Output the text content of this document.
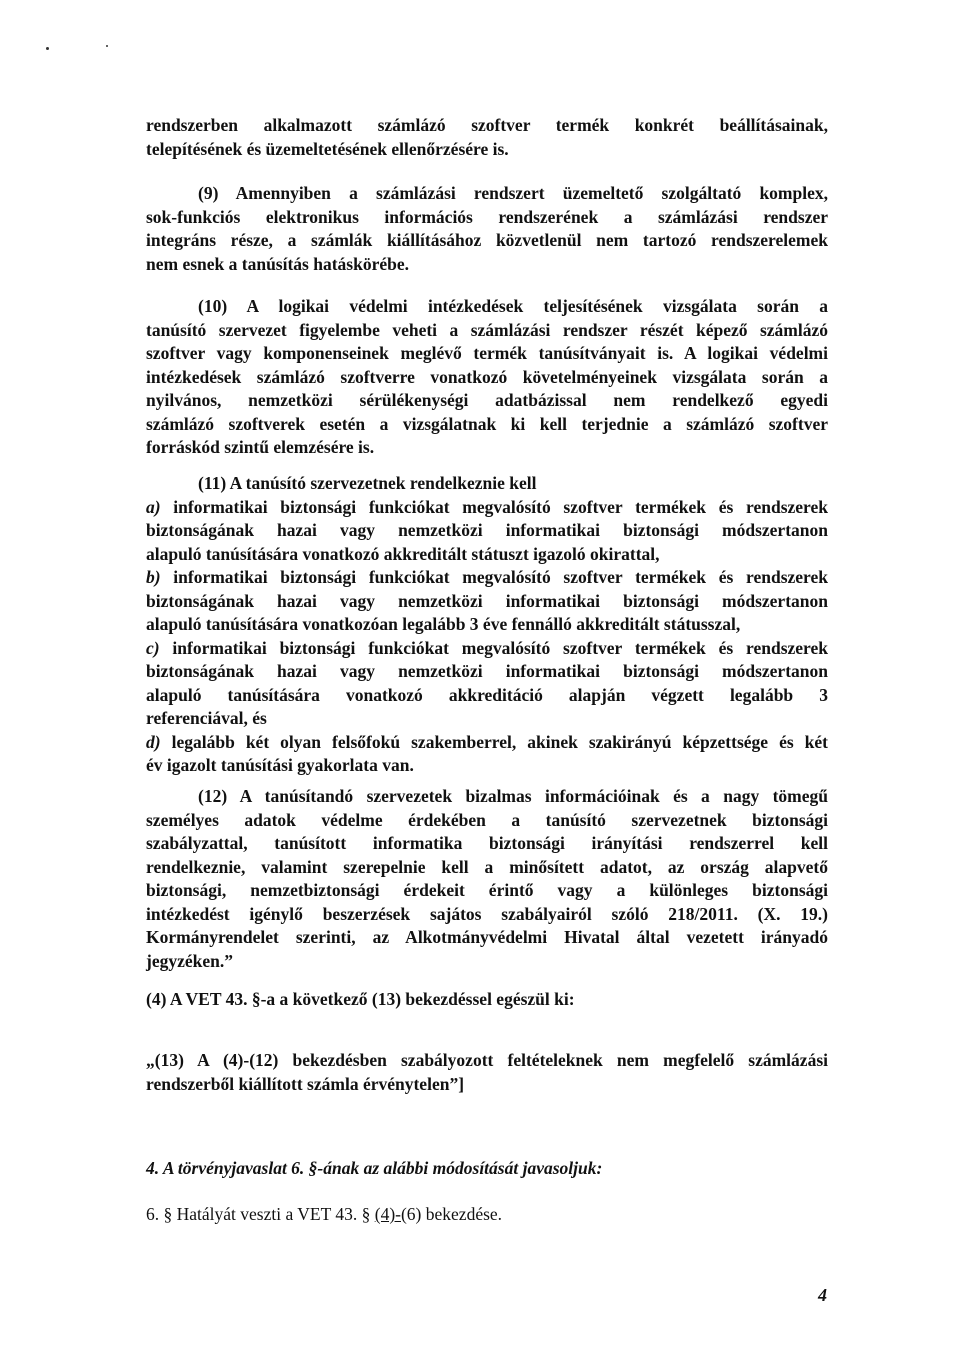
rendszerben alkalmazott számlázó szoftver termék konkrét beállításainak,
telepítésének és üzemeltetésének ellenőrzésére is.
(9) Amennyiben a számlázási rendszert üzemeltető szolgáltató komplex,
sok-funkciós elektronikus információs rendszerének a számlázási rendszer
integráns része, a számlák kiállításához közvetlenül nem tartozó rendszerelemek
nem esnek a tanúsítás hatáskörébe.
(10) A logikai védelmi intézkedések teljesítésének vizsgálata során a
tanúsító szervezet figyelembe veheti a számlázási rendszer részét képező számlázó
szoftver vagy komponenseinek meglévő termék tanúsítványait is. A logikai védelmi
intézkedések számlázó szoftverre vonatkozó követelményeinek vizsgálata során a
nyilvános, nemzetközi sérülékenységi adatbázissal nem rendelkező egyedi
számlázó szoftverek esetén a vizsgálatnak ki kell terjednie a számlázó szoftver
forráskód szintű elemzésére is.
(11) A tanúsító szervezetnek rendelkeznie kell
a) informatikai biztonsági funkciókat megvalósító szoftver termékek és rendszerek
biztonságának hazai vagy nemzetközi informatikai biztonsági módszertanon
alapuló tanúsítására vonatkozó akkreditált státuszt igazoló okirattal,
b) informatikai biztonsági funkciókat megvalósító szoftver termékek és rendszerek
biztonságának hazai vagy nemzetközi informatikai biztonsági módszertanon
alapuló tanúsítására vonatkozóan legalább 3 éve fennálló akkreditált státusszal,
c) informatikai biztonsági funkciókat megvalósító szoftver termékek és rendszerek
biztonságának hazai vagy nemzetközi informatikai biztonsági módszertanon
alapuló tanúsítására vonatkozó akkreditáció alapján végzett legalább 3
referenciával, és
d) legalább két olyan felsőfokú szakemberrel, akinek szakirányú képzettsége és két
év igazolt tanúsítási gyakorlata van.
(12) A tanúsítandó szervezetek bizalmas információinak és a nagy tömegű
személyes adatok védelme érdekében a tanúsító szervezetnek biztonsági
szabályzattal, tanúsított informatika biztonsági irányítási rendszerrel kell
rendelkeznie, valamint szerepelnie kell a minősített adatot, az ország alapvető
biztonsági, nemzetbiztonsági érdekeit érintő vagy a különleges biztonsági
intézkedést igénylő beszerzések sajátos szabályairól szóló 218/2011. (X. 19.)
Kormányrendelet szerinti, az Alkotmányvédelmi Hivatal által vezetett irányadó
jegyzéken.”
(4) A VET 43. §-a a következő (13) bekezdéssel egészül ki:
„(13) A (4)-(12) bekezdésben szabályozott feltételeknek nem megfelelő számlázási
rendszerből kiállított számla érvénytelen”]
4. A törvényjavaslat 6. §-ának az alábbi módosítását javasoljuk:
6. § Hatályát veszti a VET 43. § (4)-(6) bekezdése.
4
